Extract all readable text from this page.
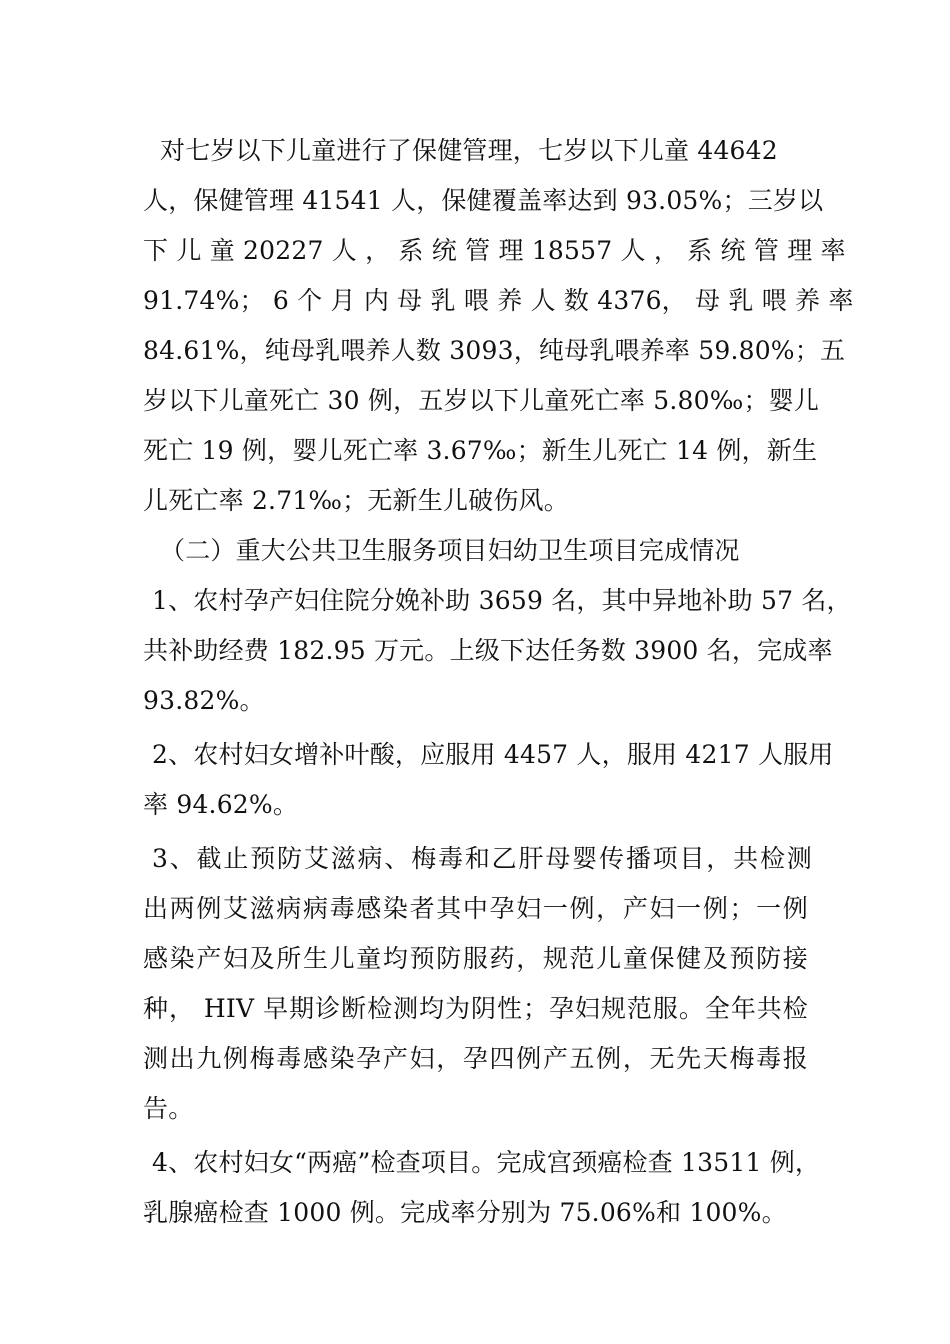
对七岁以下儿童进行了保健管理，七岁以下儿童 44642
人，保健管理 41541 人，保健覆盖率达到 93.05%；三岁以
下 儿 童 20227 人 ， 系 统 管 理 18557 人 ， 系 统 管 理 率
91.74%； 6 个 月 内 母 乳 喂 养 人 数 4376， 母 乳 喂 养 率
84.61%，纯母乳喂养人数 3093，纯母乳喂养率 59.80%；五
岁以下儿童死亡 30 例，五岁以下儿童死亡率 5.80‰；婴儿
死亡 19 例，婴儿死亡率 3.67‰；新生儿死亡 14 例，新生
儿死亡率 2.71‰；无新生儿破伤风。
（二）重大公共卫生服务项目妇幼卫生项目完成情况
1、农村孕产妇住院分娩补助 3659 名，其中异地补助 57 名，
共补助经费 182.95 万元。上级下达任务数 3900 名，完成率
93.82%。
2、农村妇女增补叶酸，应服用 4457 人，服用 4217 人服用
率 94.62%。
3、截止预防艾滋病、梅毒和乙肝母婴传播项目，共检测
出两例艾滋病病毒感染者其中孕妇一例，产妇一例；一例
感染产妇及所生儿童均预防服药，规范儿童保健及预防接
种， HIV 早期诊断检测均为阴性；孕妇规范服。全年共检
测出九例梅毒感染孕产妇，孕四例产五例，无先天梅毒报
告。
4、农村妇女“两癌”检查项目。完成宫颈癌检查 13511 例，
乳腺癌检查 1000 例。完成率分别为 75.06%和 100%。
